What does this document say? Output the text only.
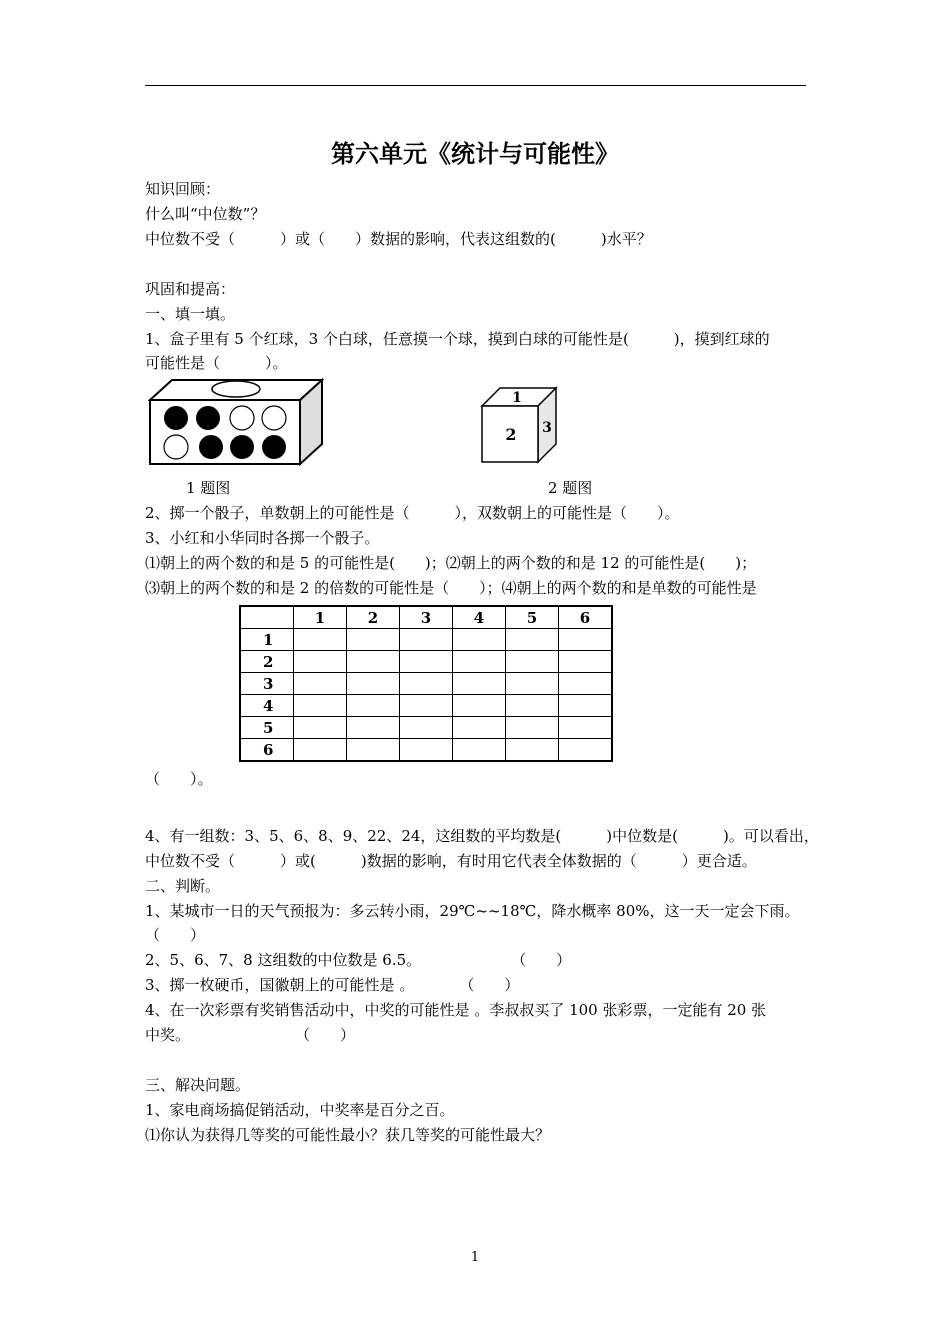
第六单元《统计与可能性》
知识回顾：
什么叫“中位数”？
中位数不受（　　　）或（　　）数据的影响，代表这组数的(　　　)水平？
巩固和提高：
一、填一填。
1、盒子里有 5 个红球，3 个白球，任意摸一个球，摸到白球的可能性是(　　　)，摸到红球的
可能性是（　　　）。
1
2 3
1 题图	2 题图
2、掷一个骰子，单数朝上的可能性是（　　　），双数朝上的可能性是（　　）。
3、小红和小华同时各掷一个骰子。
⑴朝上的两个数的和是 5 的可能性是(　　)；⑵朝上的两个数的和是 12 的可能性是(　　)；
⑶朝上的两个数的和是 2 的倍数的可能性是（　　）；⑷朝上的两个数的和是单数的可能性是
	1	2	3	4	5	6
1						
2						
3						
4						
5						
6						
（　　）。
4、有一组数：3、5、6、8、9、22、24，这组数的平均数是(　　　)中位数是(　　　)。可以看出，
中位数不受（　　　）或(　　　)数据的影响，有时用它代表全体数据的（　　　）更合适。
二、判断。
1、某城市一日的天气预报为：多云转小雨，29℃~~18℃，降水概率 80%，这一天一定会下雨。
（　　）
2、5、6、7、8 这组数的中位数是 6.5。　　　　　　　（　　）
3、掷一枚硬币，国徽朝上的可能性是 。　　　　（　　）
4、在一次彩票有奖销售活动中，中奖的可能性是 。李叔叔买了 100 张彩票，一定能有 20 张
中奖。　　　　　　　　（　　）
三、解决问题。
1、家电商场搞促销活动，中奖率是百分之百。
⑴你认为获得几等奖的可能性最小？获几等奖的可能性最大？
1
